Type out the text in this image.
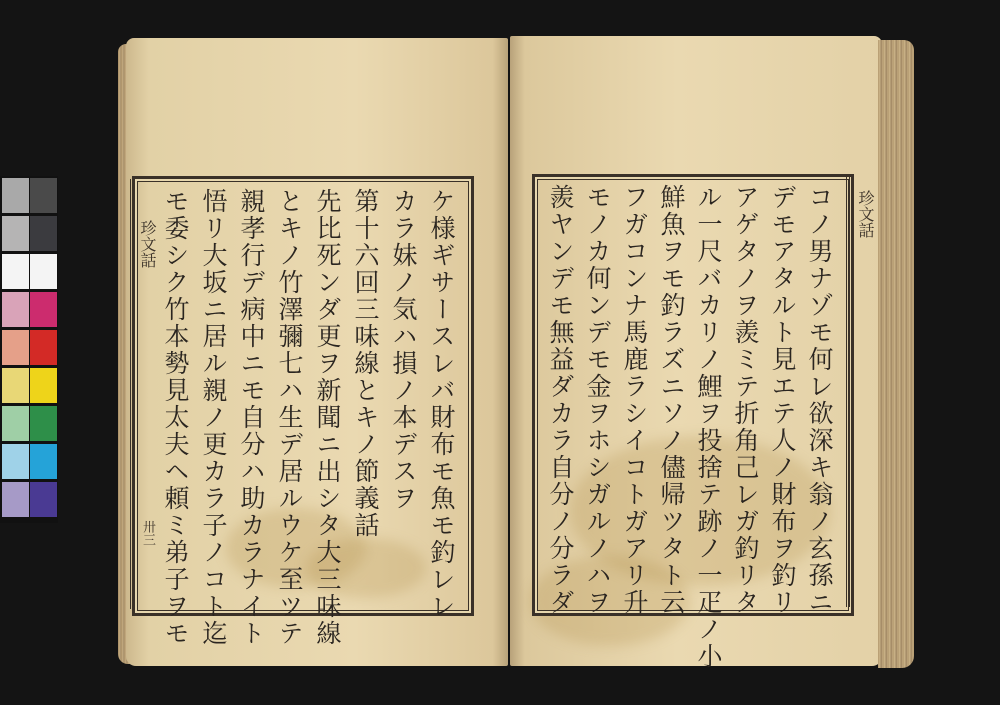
珍文話
卅三	ケ様ギサースレバ財布モ魚モ釣レレ
カラ妹ノ気ハ損ノ本デスヲ
第十六回三味線とキノ節義話
先比死ンダ更ヲ新聞ニ出シタ大三味線
とキノ竹澤彌七ハ生デ居ルウケ至ツテ
親孝行デ病中ニモ自分ハ助カラナイト
悟リ大坂ニ居ル親ノ更カラ子ノコト迄
モ委シク竹本勢見太夫ヘ頼ミ弟子ヲモ	珍文話
コノ男ナゾモ何レ欲深キ翁ノ玄孫ニ
デモアタルト見エテ人ノ財布ヲ釣リ
アゲタノヲ羨ミテ折角己レガ釣リタ
ル一尺バカリノ鯉ヲ投捨テ跡ノ一疋ノ小
鮮魚ヲモ釣ラズニソノ儘帰ツタト云
フガコンナ馬鹿ラシイコトガアリ升
モノカ何ンデモ金ヲホシガルノハヲ
羨ヤンデモ無益ダカラ自分ノ分ラダ
